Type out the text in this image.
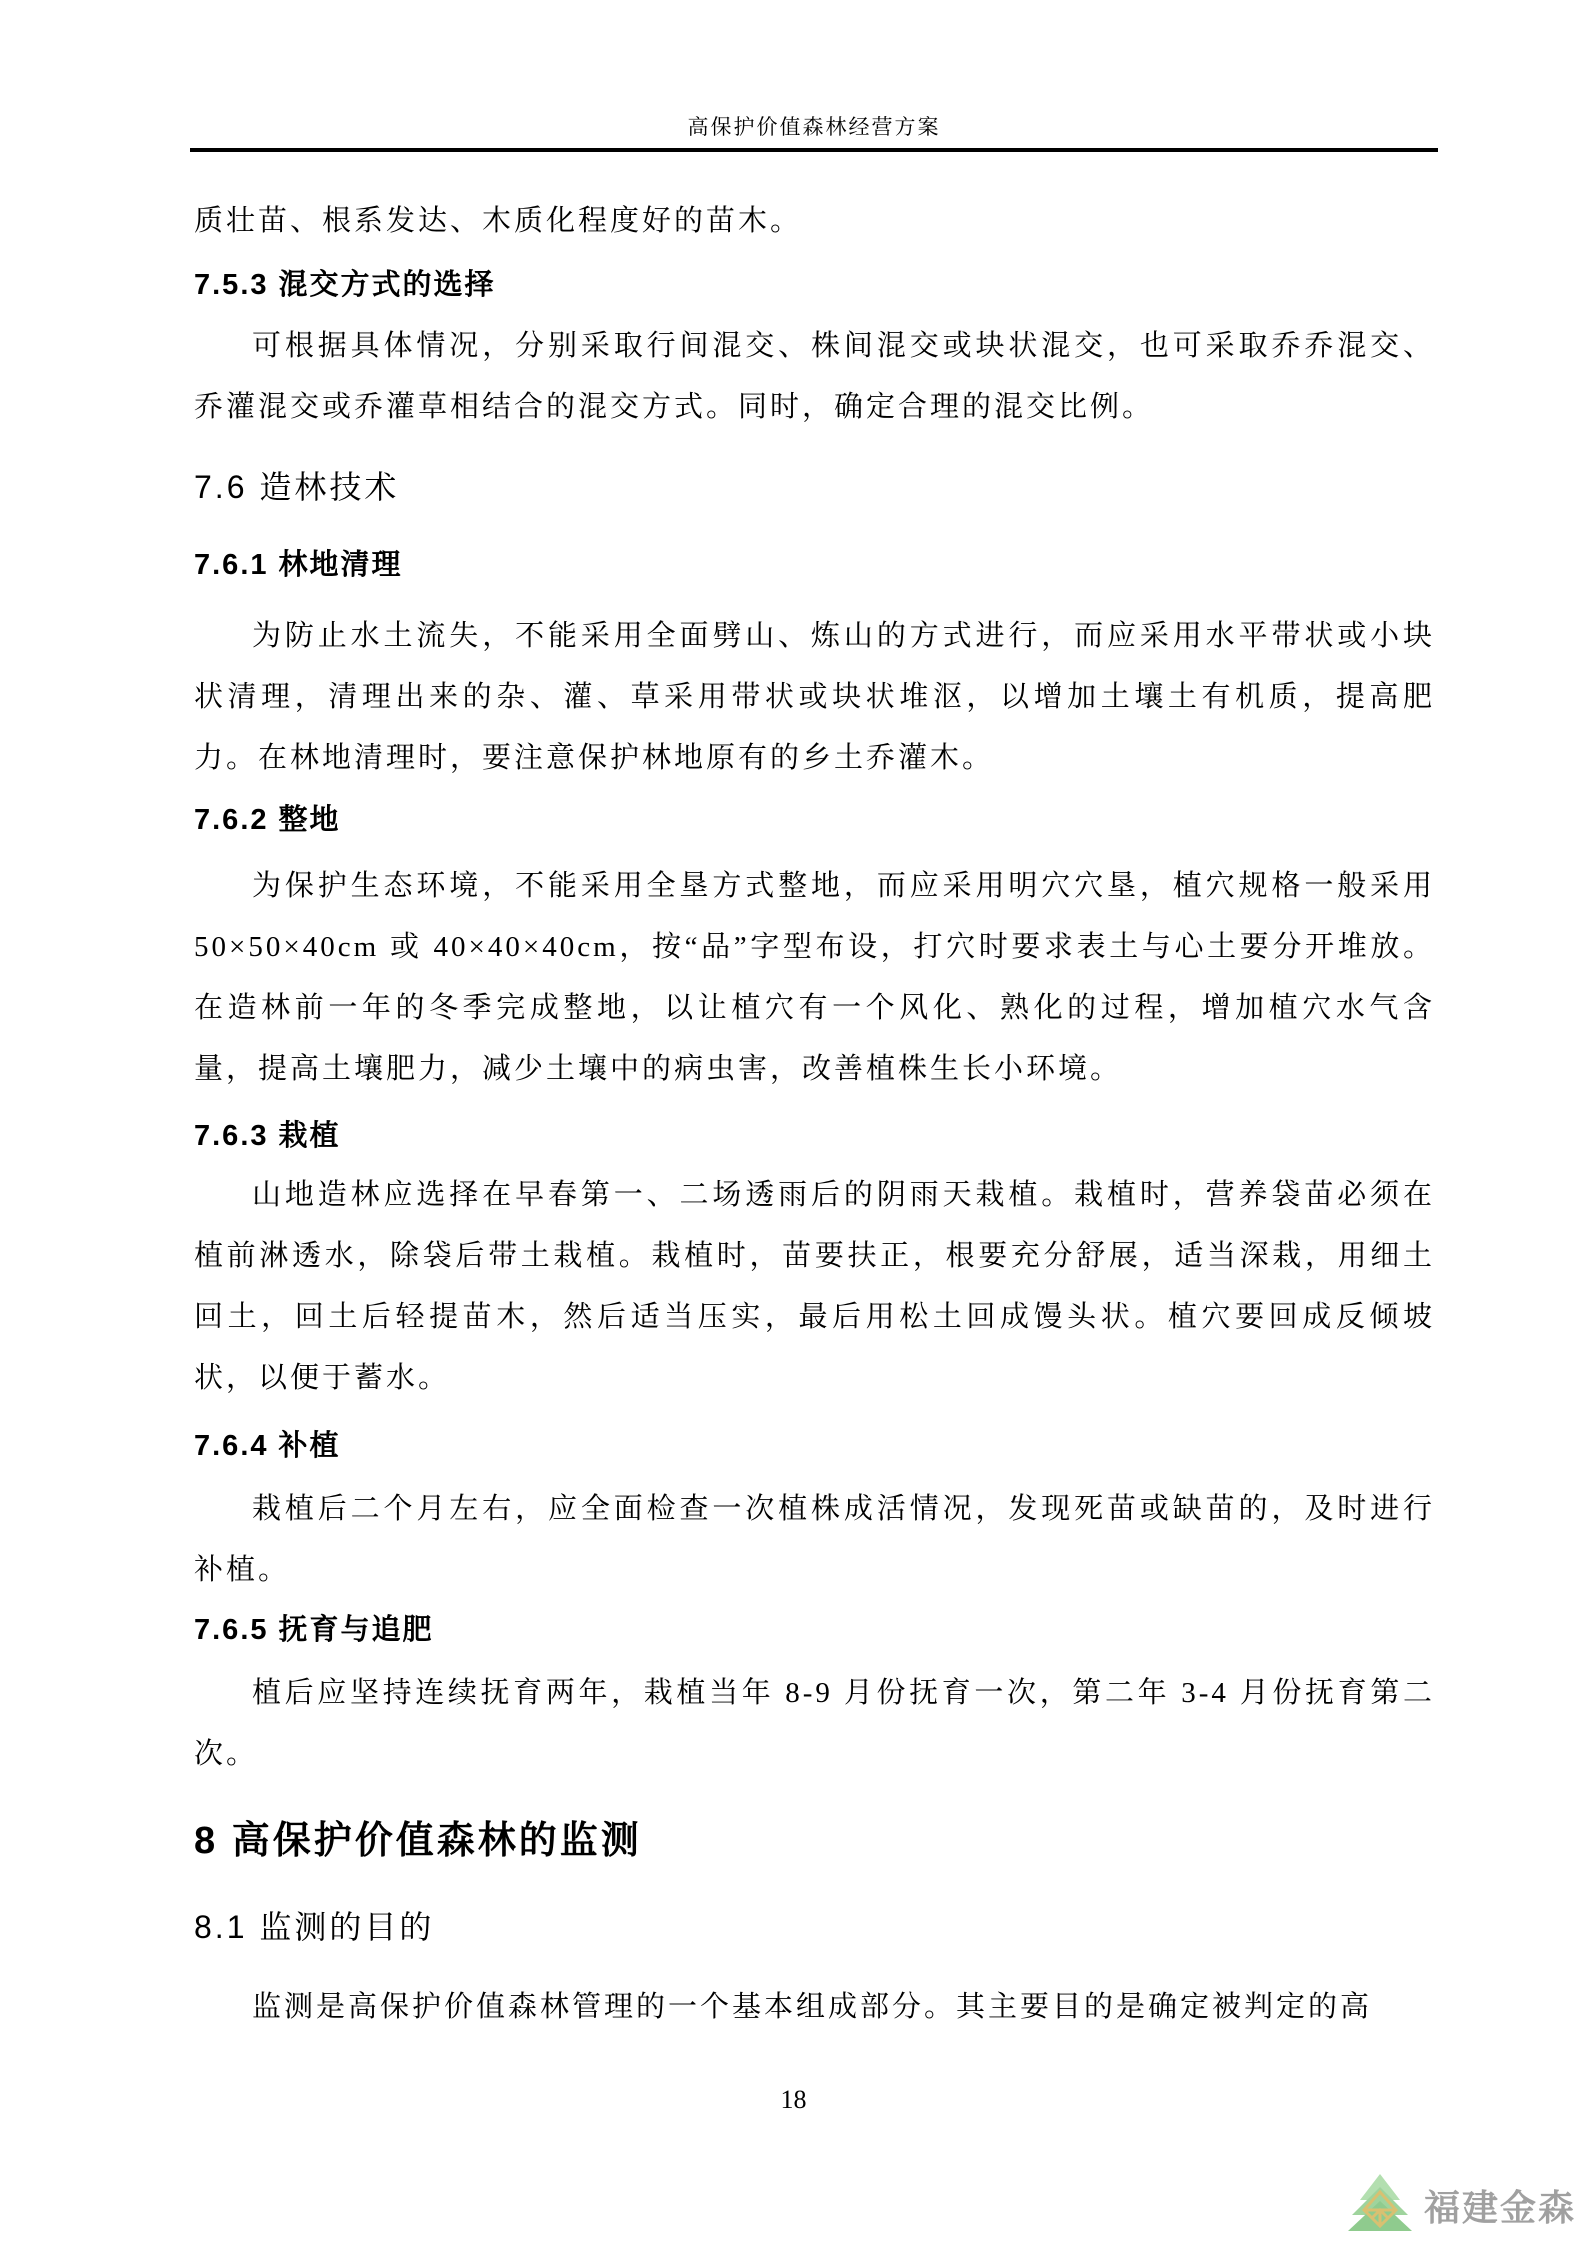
高保护价值森林经营方案

质壮苗、根系发达、木质化程度好的苗木。

7.5.3 混交方式的选择

可根据具体情况，分别采取行间混交、株间混交或块状混交，也可采取乔乔混交、乔灌混交或乔灌草相结合的混交方式。同时，确定合理的混交比例。

7.6 造林技术
7.6.1 林地清理

为防止水土流失，不能采用全面劈山、炼山的方式进行，而应采用水平带状或小块状清理，清理出来的杂、灌、草采用带状或块状堆沤，以增加土壤土有机质，提高肥力。在林地清理时，要注意保护林地原有的乡土乔灌木。

7.6.2 整地

为保护生态环境，不能采用全垦方式整地，而应采用明穴穴垦，植穴规格一般采用 50×50×40cm 或 40×40×40cm，按“品”字型布设，打穴时要求表土与心土要分开堆放。在造林前一年的冬季完成整地，以让植穴有一个风化、熟化的过程，增加植穴水气含量，提高土壤肥力，减少土壤中的病虫害，改善植株生长小环境。

7.6.3 栽植

山地造林应选择在早春第一、二场透雨后的阴雨天栽植。栽植时，营养袋苗必须在植前淋透水，除袋后带土栽植。栽植时，苗要扶正，根要充分舒展，适当深栽，用细土回土，回土后轻提苗木，然后适当压实，最后用松土回成馒头状。植穴要回成反倾坡状，以便于蓄水。

7.6.4 补植

栽植后二个月左右，应全面检查一次植株成活情况，发现死苗或缺苗的，及时进行补植。

7.6.5 抚育与追肥

植后应坚持连续抚育两年，栽植当年 8-9 月份抚育一次，第二年 3-4 月份抚育第二次。

8 高保护价值森林的监测
8.1 监测的目的

监测是高保护价值森林管理的一个基本组成部分。其主要目的是确定被判定的高

18
福建金森
